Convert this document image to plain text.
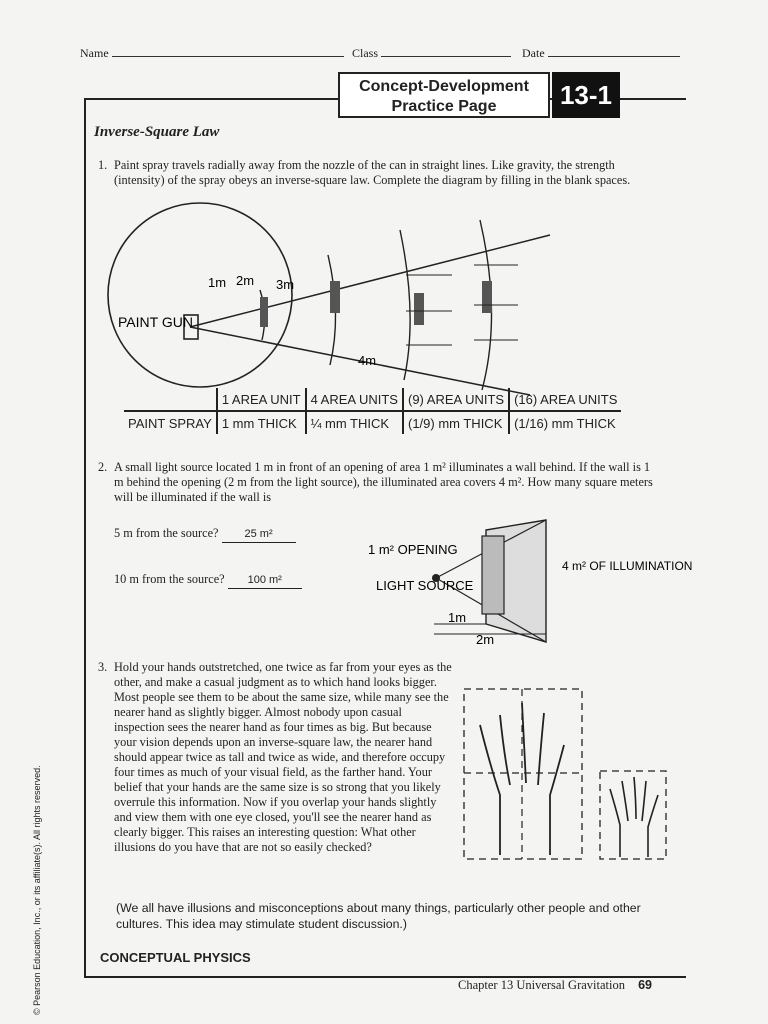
Name	Class	Date
Concept-Development
Practice Page	13-1
Inverse-Square Law
1. Paint spray travels radially away from the nozzle of the can in straight lines. Like gravity, the strength (intensity) of the spray obeys an inverse-square law. Complete the diagram by filling in the blank spaces.
1m 2m 3m
4m
PAINT GUN
	1 AREA UNIT	4 AREA UNITS	(9) AREA UNITS	(16) AREA UNITS
PAINT SPRAY	1 mm THICK	¼ mm THICK	(1/9) mm THICK	(1/16) mm THICK
2. A small light source located 1 m in front of an opening of area 1 m² illuminates a wall behind. If the wall is 1 m behind the opening (2 m from the light source), the illuminated area covers 4 m². How many square meters will be illuminated if the wall is
5 m from the source? 25 m²
10 m from the source? 100 m²
1 m² OPENING
LIGHT SOURCE
4 m² OF ILLUMINATION
1m
2m
3. Hold your hands outstretched, one twice as far from your eyes as the other, and make a casual judgment as to which hand looks bigger. Most people see them to be about the same size, while many see the nearer hand as slightly bigger. Almost nobody upon casual inspection sees the nearer hand as four times as big. But because your vision depends upon an inverse-square law, the nearer hand should appear twice as tall and twice as wide, and therefore occupy four times as much of your visual field, as the farther hand. Your belief that your hands are the same size is so strong that you likely overrule this information. Now if you overlap your hands slightly and view them with one eye closed, you'll see the nearer hand as clearly bigger. This raises an interesting question: What other illusions do you have that are not so easily checked?
(We all have illusions and misconceptions about many things, particularly other people and other cultures. This idea may stimulate student discussion.)
CONCEPTUAL PHYSICS
Chapter 13 Universal Gravitation 69
© Pearson Education, Inc., or its affiliate(s). All rights reserved.
